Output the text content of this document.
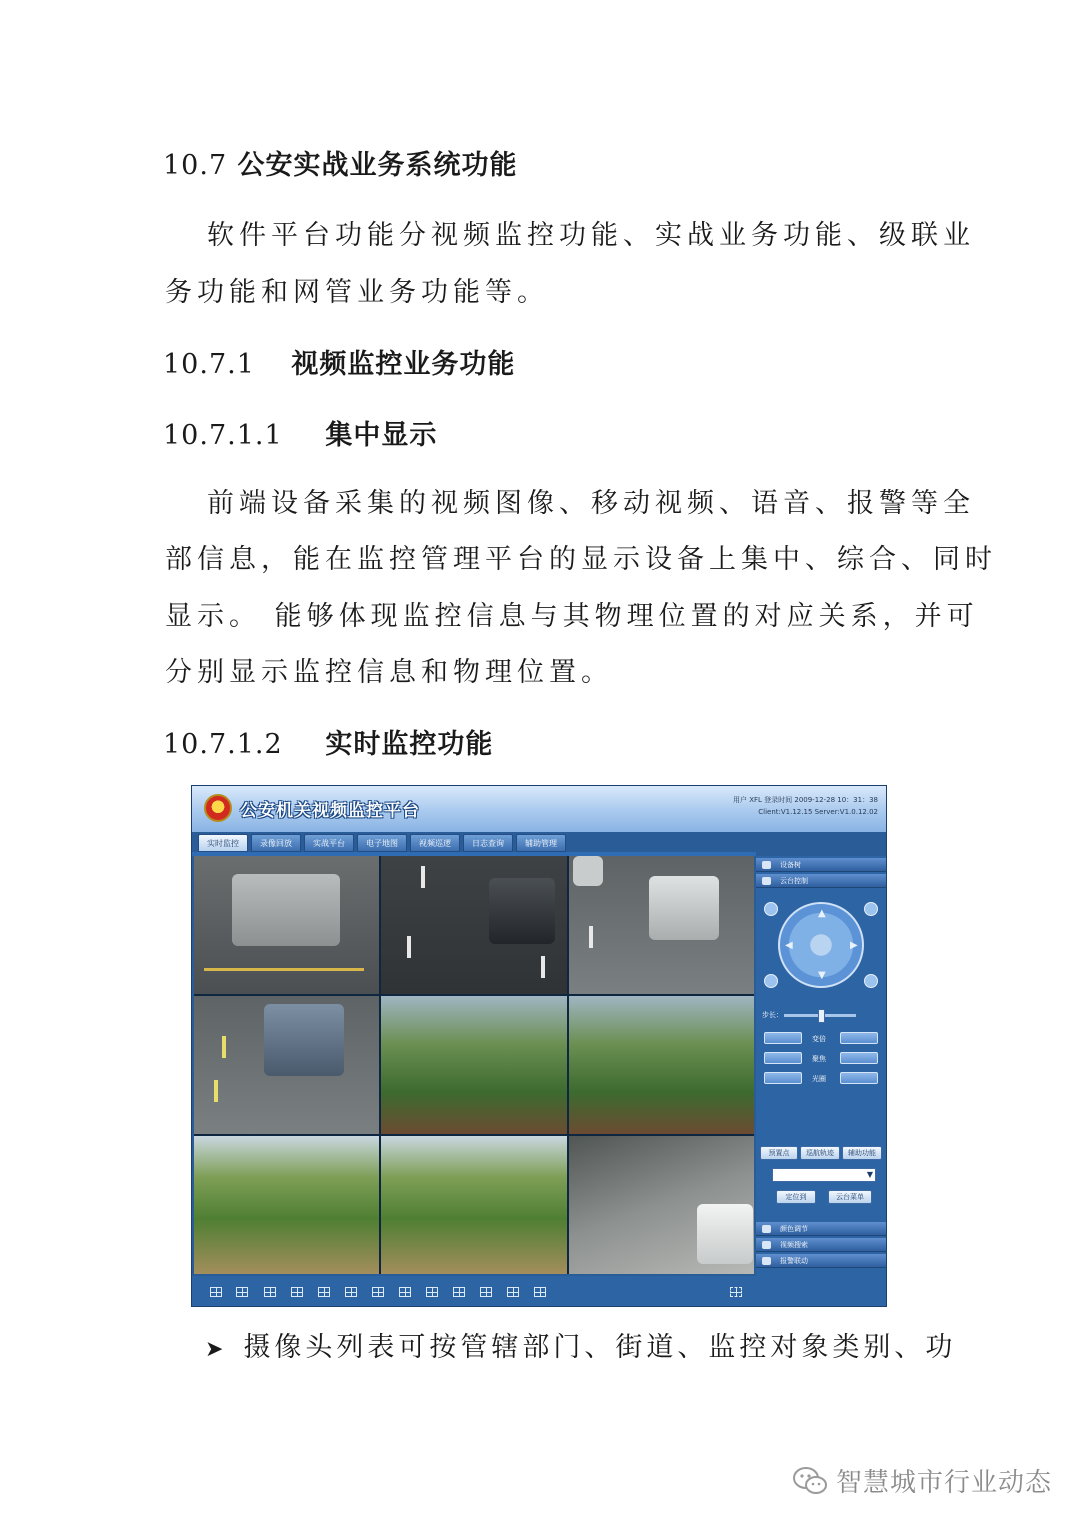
10.7 公安实战业务系统功能
软件平台功能分视频监控功能、实战业务功能、级联业
务功能和网管业务功能等。
10.7.1 视频监控业务功能
10.7.1.1 集中显示
前端设备采集的视频图像、移动视频、语音、报警等全
部信息，能在监控管理平台的显示设备上集中、综合、同时
显示。 能够体现监控信息与其物理位置的对应关系，并可
分别显示监控信息和物理位置。
10.7.1.2 实时监控功能
公安机关视频监控平台
用户 XFL 登录时间 2009-12-28 10：31：38
Client:V1.12.15 Server:V1.0.12.02
实时监控	录像回放	实战平台	电子地图	视频巡逻	日志查询	辅助管理
设备树
云台控制
▲
▼
◀	▶
步长：
变倍
聚焦
光圈
预置点	巡航轨迹	辅助功能
▼
定位到	云台菜单
颜色调节
视频搜索
报警联动
➤ 摄像头列表可按管辖部门、街道、监控对象类别、功
智慧城市行业动态
